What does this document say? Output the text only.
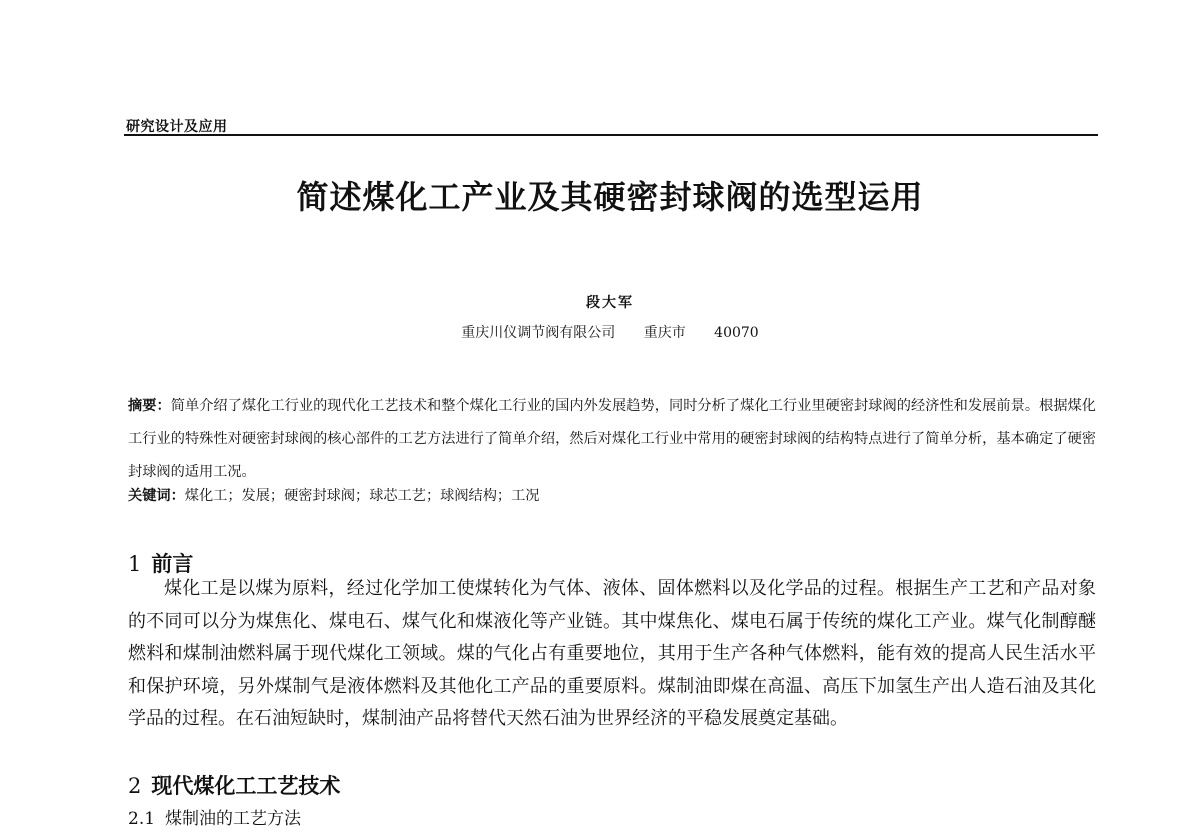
研究设计及应用
简述煤化工产业及其硬密封球阀的选型运用
段大军
重庆川仪调节阀有限公司 重庆市 40070
摘要：简单介绍了煤化工行业的现代化工艺技术和整个煤化工行业的国内外发展趋势，同时分析了煤化工行业里硬密封球阀的经济性和发展前景。根据煤化工行业的特殊性对硬密封球阀的核心部件的工艺方法进行了简单介绍，然后对煤化工行业中常用的硬密封球阀的结构特点进行了简单分析，基本确定了硬密封球阀的适用工况。
关键词：煤化工；发展；硬密封球阀；球芯工艺；球阀结构；工况
1 前言
煤化工是以煤为原料，经过化学加工使煤转化为气体、液体、固体燃料以及化学品的过程。根据生产工艺和产品对象的不同可以分为煤焦化、煤电石、煤气化和煤液化等产业链。其中煤焦化、煤电石属于传统的煤化工产业。煤气化制醇醚燃料和煤制油燃料属于现代煤化工领域。煤的气化占有重要地位，其用于生产各种气体燃料，能有效的提高人民生活水平和保护环境，另外煤制气是液体燃料及其他化工产品的重要原料。煤制油即煤在高温、高压下加氢生产出人造石油及其化学品的过程。在石油短缺时，煤制油产品将替代天然石油为世界经济的平稳发展奠定基础。
2 现代煤化工工艺技术
2.1 煤制油的工艺方法
